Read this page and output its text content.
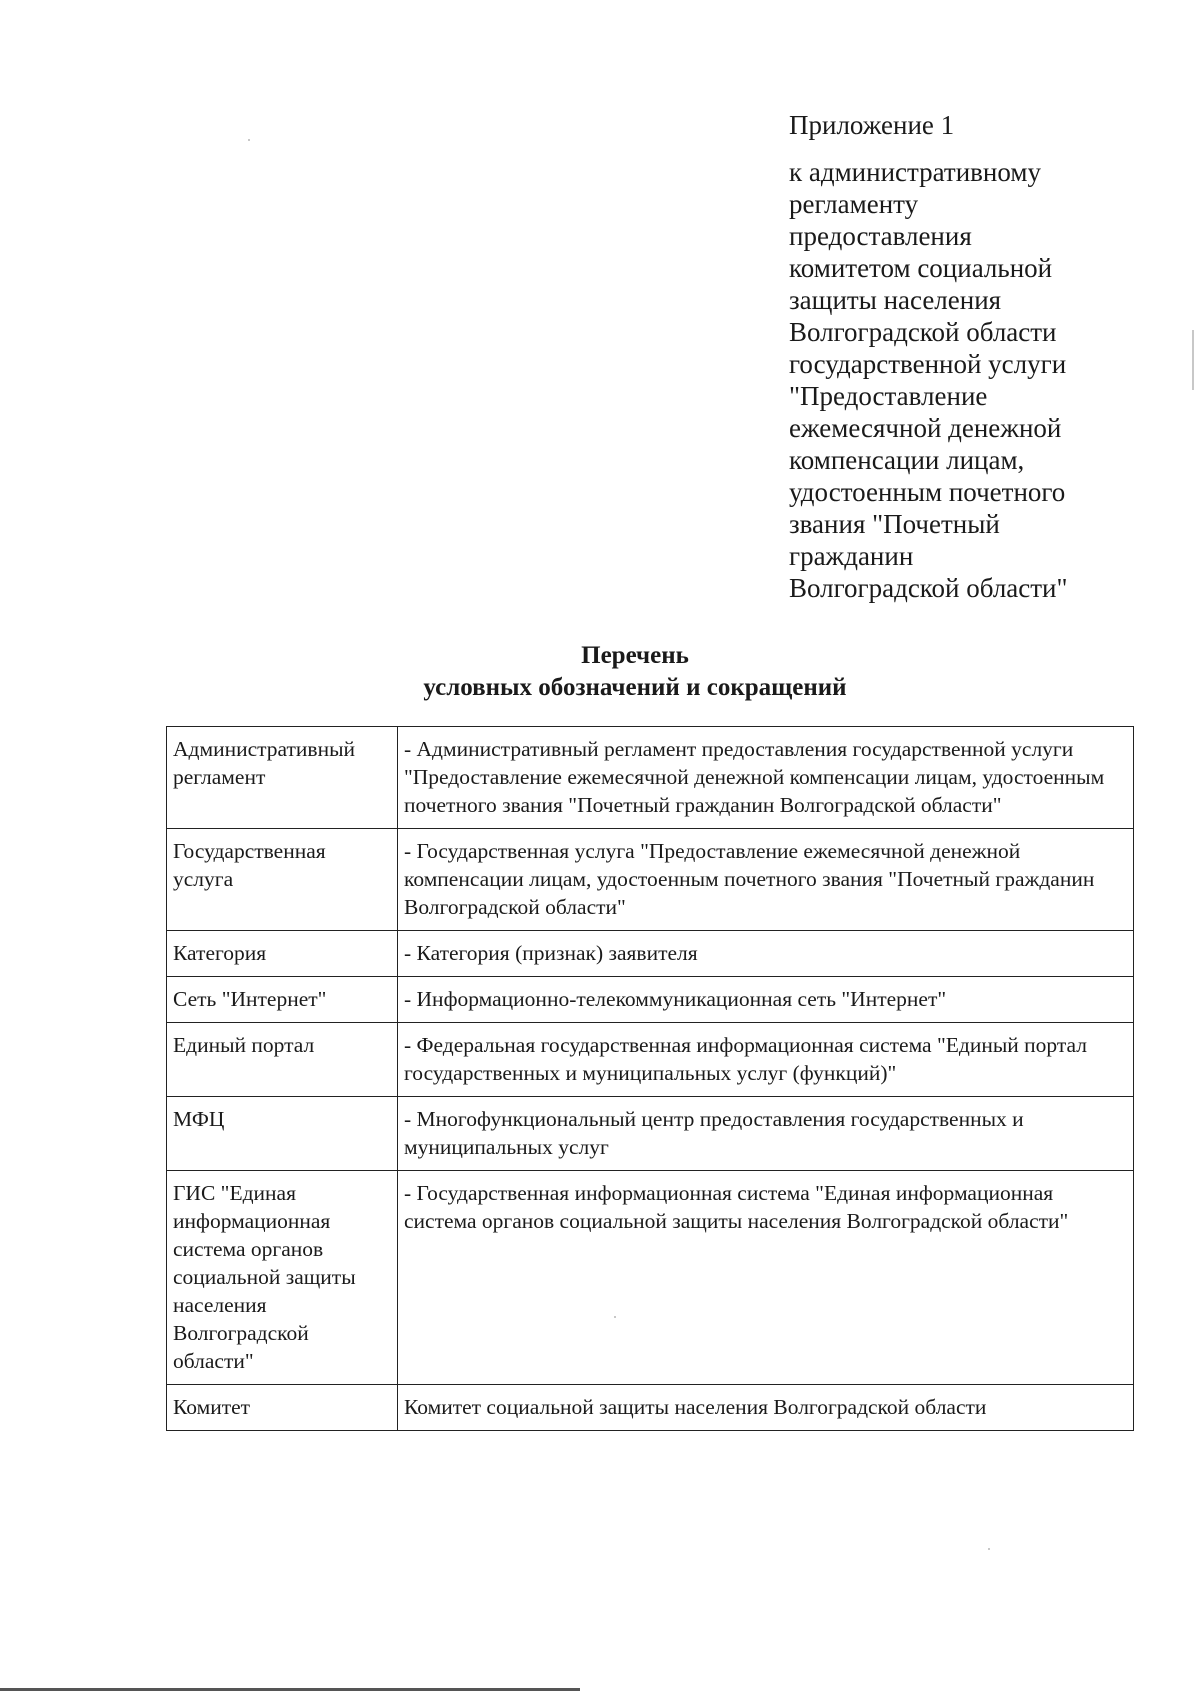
Приложение 1
к административному
регламенту
предоставления
комитетом социальной
защиты населения
Волгоградской области
государственной услуги
"Предоставление
ежемесячной денежной
компенсации лицам,
удостоенным почетного
звания "Почетный
гражданин
Волгоградской области"
Перечень
условных обозначений и сокращений
Административный регламент	- Административный регламент предоставления государственной услуги "Предоставление ежемесячной денежной компенсации лицам, удостоенным почетного звания "Почетный гражданин Волгоградской области"
Государственная услуга	- Государственная услуга "Предоставление ежемесячной денежной компенсации лицам, удостоенным почетного звания "Почетный гражданин Волгоградской области"
Категория	- Категория (признак) заявителя
Сеть "Интернет"	- Информационно-телекоммуникационная сеть "Интернет"
Единый портал	- Федеральная государственная информационная система "Единый портал государственных и муниципальных услуг (функций)"
МФЦ	- Многофункциональный центр предоставления государственных и муниципальных услуг
ГИС "Единая информационная система органов социальной защиты населения Волгоградской области"	- Государственная информационная система "Единая информационная система органов социальной защиты населения Волгоградской области"
Комитет	Комитет социальной защиты населения Волгоградской области
